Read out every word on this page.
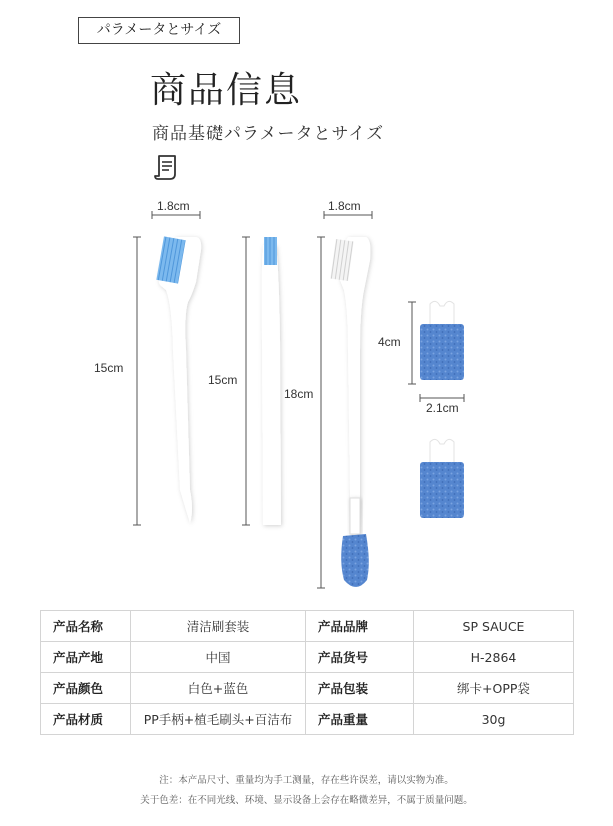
パラメータとサイズ
商品信息
商品基礎パラメータとサイズ
1.8cm
15cm
15cm
1.8cm
18cm
4cm
2.1cm
产品名称	清洁刷套装	产品品牌	SP SAUCE
产品产地	中国	产品货号	H-2864
产品颜色	白色+蓝色	产品包装	绑卡+OPP袋
产品材质	PP手柄+植毛刷头+百洁布	产品重量	30g
注：本产品尺寸、重量均为手工测量，存在些许误差，请以实物为准。
关于色差：在不同光线、环境、显示设备上会存在略微差异，不属于质量问题。
